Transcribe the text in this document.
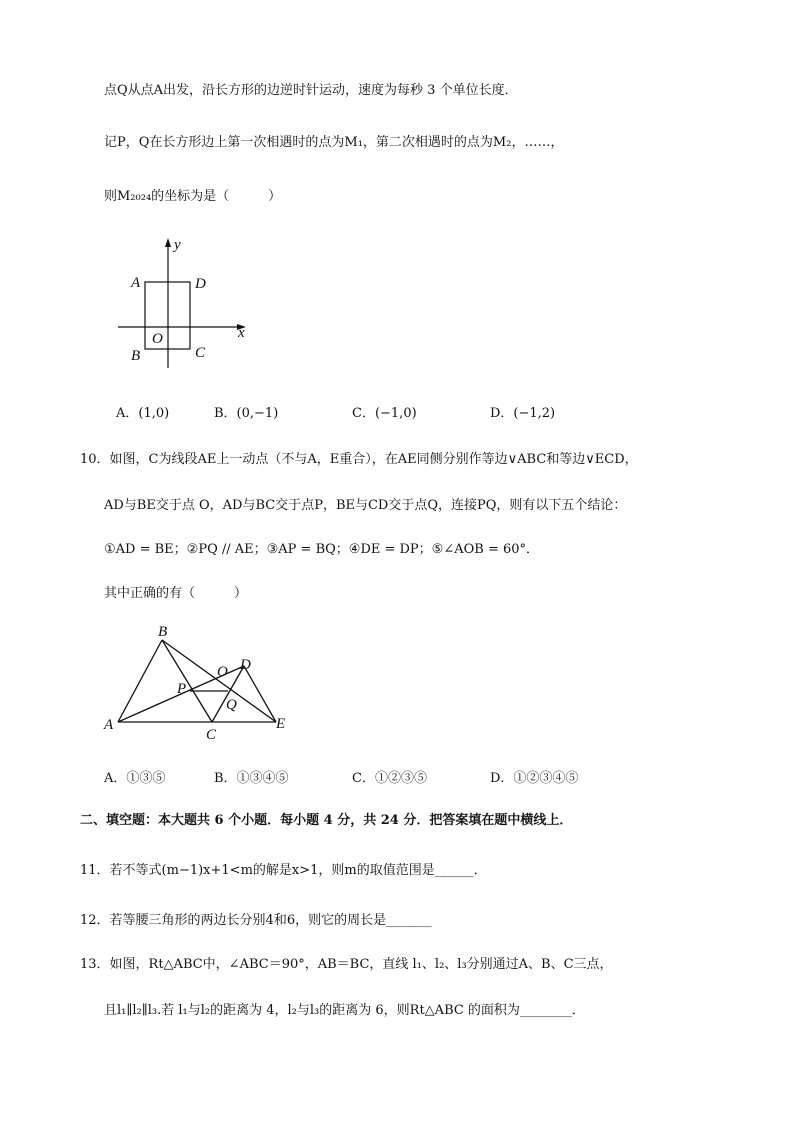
点Q从点A出发，沿长方形的边逆时针运动，速度为每秒 3 个单位长度．
记P，Q在长方形边上第一次相遇时的点为M₁，第二次相遇时的点为M₂，……，
则M₂₀₂₄的坐标为是（　　　）
y
x
A	D
O
B	C
A．(1,0)	B．(0,−1)	C．(−1,0)	D．(−1,2)
10．如图，C为线段AE上一动点（不与A，E重合），在AE同侧分别作等边∨ABC和等边∨ECD，
AD与BE交于点 O，AD与BC交于点P，BE与CD交于点Q，连接PQ，则有以下五个结论：
①AD = BE；②PQ // AE；③AP = BQ；④DE = DP；⑤∠AOB = 60°．
其中正确的有（　　　）
B
O D
P
Q
A
C
E
A．①③⑤	B．①③④⑤	C．①②③⑤	D．①②③④⑤
二、填空题：本大题共 6 个小题．每小题 4 分，共 24 分．把答案填在题中横线上．
11．若不等式(m−1)x+1<m的解是x>1，则m的取值范围是______．
12．若等腰三角形的两边长分别4和6，则它的周长是_______
13．如图，Rt△ABC中，∠ABC＝90°，AB＝BC，直线 l₁、l₂、l₃分别通过A、B、C三点，
且l₁∥l₂∥l₃.若 l₁与l₂的距离为 4，l₂与l₃的距离为 6，则Rt△ABC 的面积为________．
